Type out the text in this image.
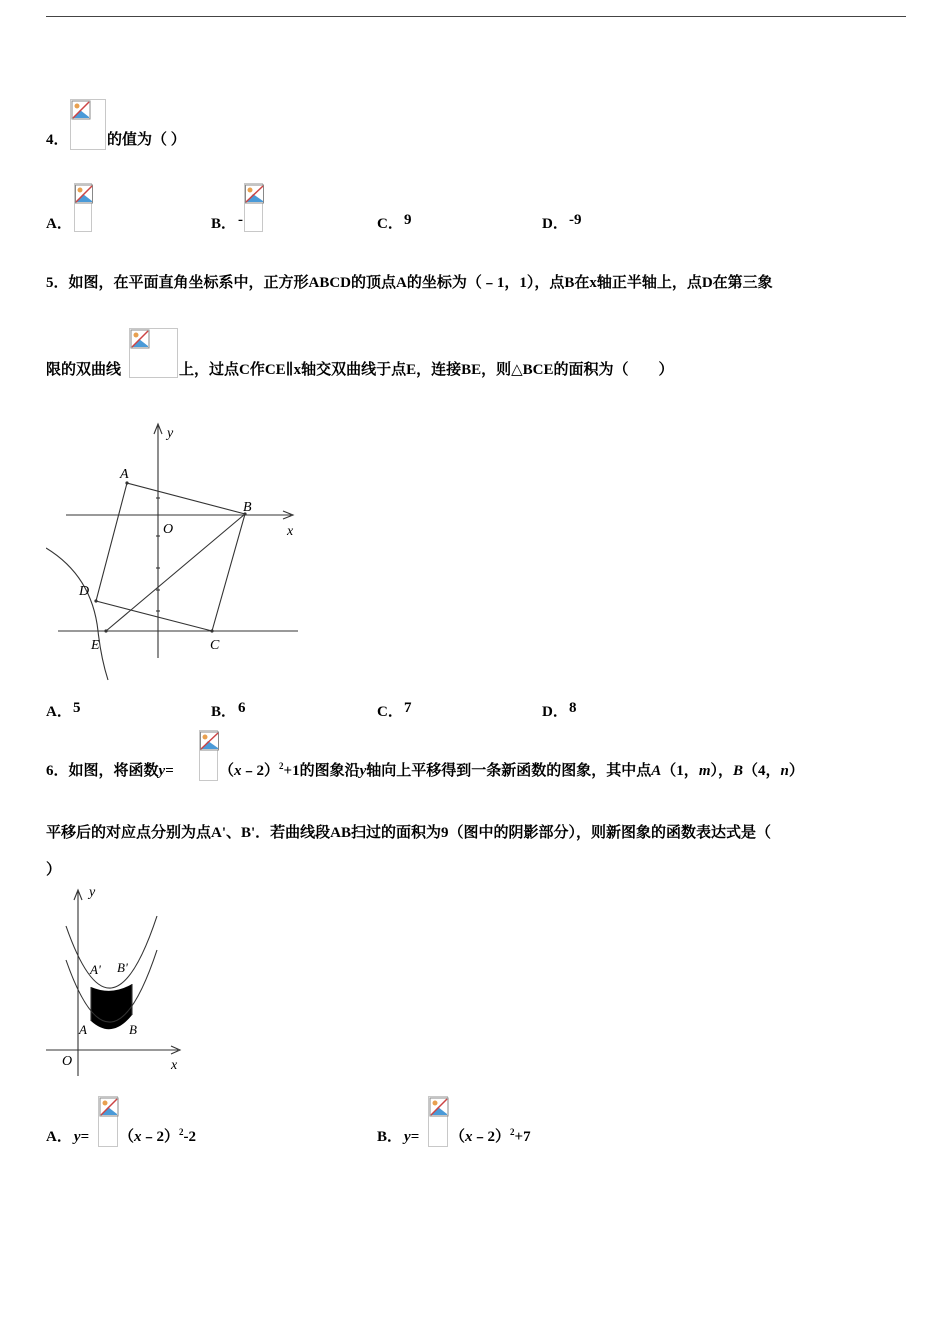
4．	的值为（ ）
A．	B． -	C． 9	D． -9
5．如图，在平面直角坐标系中，正方形ABCD的顶点A的坐标为（﹣1，1），点B在x轴正半轴上，点D在第三象
限的双曲线	上，过点C作CE∥x轴交双曲线于点E，连接BE，则△BCE的面积为（　　）
y
x
O
A
B
C
D
E
A． 5	B． 6	C． 7	D． 8
6．如图，将函数y=	（x﹣2）$^2$+1的图象沿y轴向上平移得到一条新函数的图象，其中点A（1，m），B（4，n）
平移后的对应点分别为点A'、B'．若曲线段AB扫过的面积为9（图中的阴影部分），则新图象的函数表达式是（
）
y
x
O
A	B
A' B'
A． y= （x﹣2）$^2$-2	B． y= （x﹣2）$^2$+7
